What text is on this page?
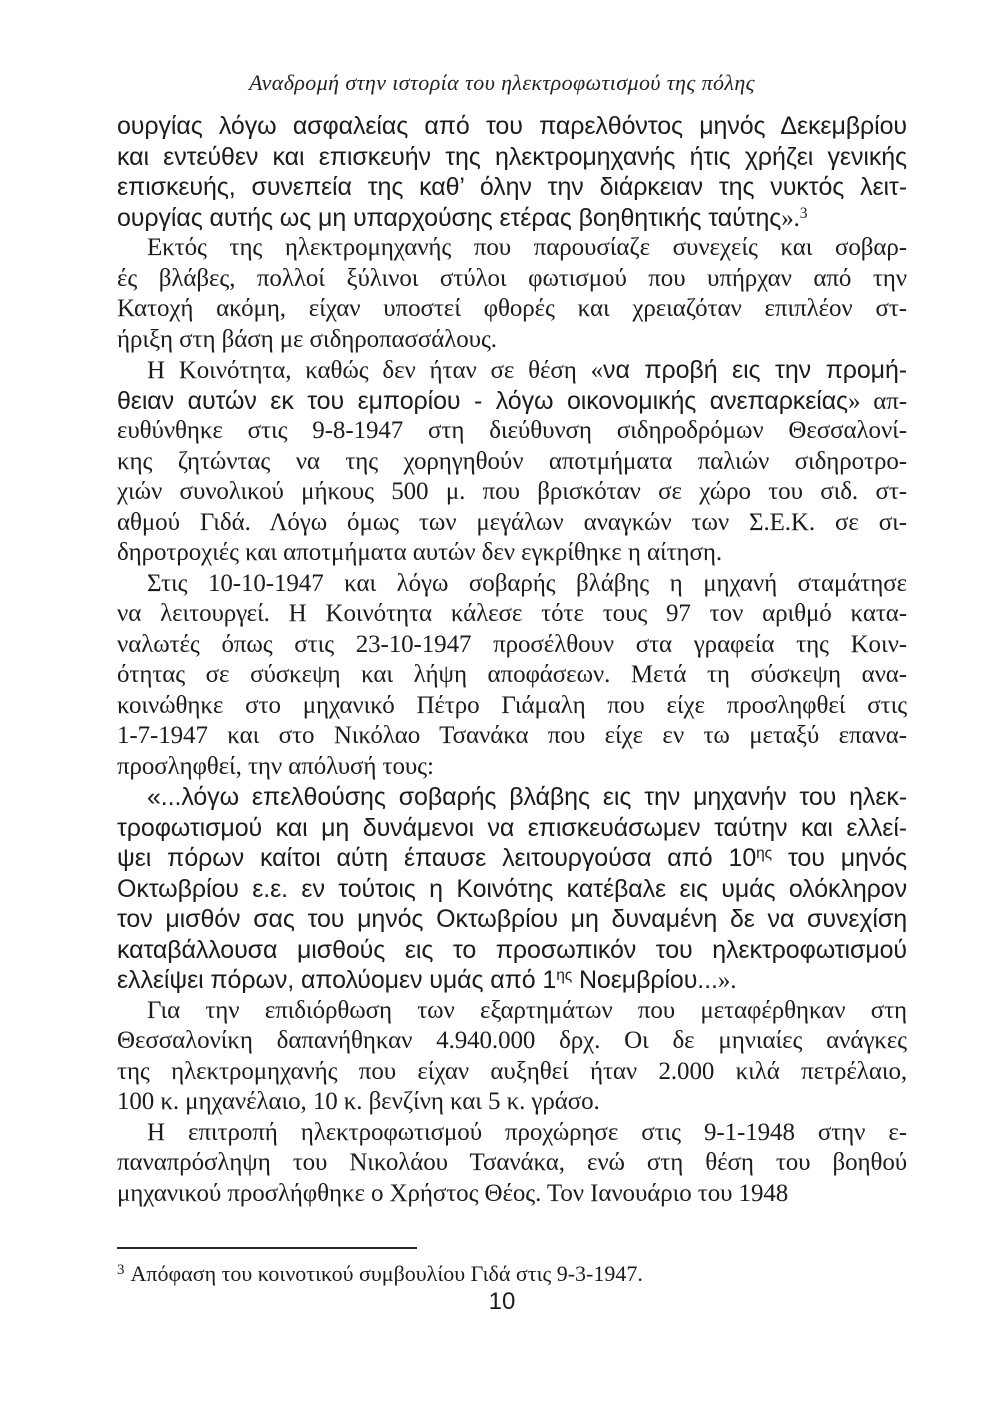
Αναδρομή στην ιστορία του ηλεκτροφωτισμού της πόλης
ουργίας λόγω ασφαλείας από του παρελθόντος μηνός Δεκεμβρίου
και εντεύθεν και επισκευήν της ηλεκτρομηχανής ήτις χρήζει γενικής
επισκευής, συνεπεία της καθ’ όλην την διάρκειαν της νυκτός λειτ-
ουργίας αυτής ως μη υπαρχούσης ετέρας βοηθητικής ταύτης».$^3$
Εκτός της ηλεκτρομηχανής που παρουσίαζε συνεχείς και σοβαρ-
ές βλάβες, πολλοί ξύλινοι στύλοι φωτισμού που υπήρχαν από την
Κατοχή ακόμη, είχαν υποστεί φθορές και χρειαζόταν επιπλέον στ-
ήριξη στη βάση με σιδηροπασσάλους.
Η Κοινότητα, καθώς δεν ήταν σε θέση «να προβή εις την προμή-
θειαν αυτών εκ του εμπορίου - λόγω οικονομικής ανεπαρκείας» απ-
ευθύνθηκε στις 9-8-1947 στη διεύθυνση σιδηροδρόμων Θεσσαλονί-
κης ζητώντας να της χορηγηθούν αποτμήματα παλιών σιδηροτρο-
χιών συνολικού μήκους 500 μ. που βρισκόταν σε χώρο του σιδ. στ-
αθμού Γιδά. Λόγω όμως των μεγάλων αναγκών των Σ.Ε.Κ. σε σι-
δηροτροχιές και αποτμήματα αυτών δεν εγκρίθηκε η αίτηση.
Στις 10-10-1947 και λόγω σοβαρής βλάβης η μηχανή σταμάτησε
να λειτουργεί. Η Κοινότητα κάλεσε τότε τους 97 τον αριθμό κατα-
ναλωτές όπως στις 23-10-1947 προσέλθουν στα γραφεία της Κοιν-
ότητας σε σύσκεψη και λήψη αποφάσεων. Μετά τη σύσκεψη ανα-
κοινώθηκε στο μηχανικό Πέτρο Γιάμαλη που είχε προσληφθεί στις
1-7-1947 και στο Νικόλαο Τσανάκα που είχε εν τω μεταξύ επανα-
προσληφθεί, την απόλυσή τους:
«...λόγω επελθούσης σοβαρής βλάβης εις την μηχανήν του ηλεκ-
τροφωτισμού και μη δυνάμενοι να επισκευάσωμεν ταύτην και ελλεί-
ψει πόρων καίτοι αύτη έπαυσε λειτουργούσα από $10^{\eta\varsigma}$ του μηνός
Οκτωβρίου ε.ε. εν τούτοις η Κοινότης κατέβαλε εις υμάς ολόκληρον
τον μισθόν σας του μηνός Οκτωβρίου μη δυναμένη δε να συνεχίση
καταβάλλουσα μισθούς εις το προσωπικόν του ηλεκτροφωτισμού
ελλείψει πόρων, απολύομεν υμάς από $1^{\eta\varsigma}$ Νοεμβρίου...».
Για την επιδιόρθωση των εξαρτημάτων που μεταφέρθηκαν στη
Θεσσαλονίκη δαπανήθηκαν 4.940.000 δρχ. Οι δε μηνιαίες ανάγκες
της ηλεκτρομηχανής που είχαν αυξηθεί ήταν 2.000 κιλά πετρέλαιο,
100 κ. μηχανέλαιο, 10 κ. βενζίνη και 5 κ. γράσο.
Η επιτροπή ηλεκτροφωτισμού προχώρησε στις 9-1-1948 στην ε-
παναπρόσληψη του Νικολάου Τσανάκα, ενώ στη θέση του βοηθού
μηχανικού προσλήφθηκε ο Χρήστος Θέος. Τον Ιανουάριο του 1948
$^3$ Απόφαση του κοινοτικού συμβουλίου Γιδά στις 9-3-1947.
10
